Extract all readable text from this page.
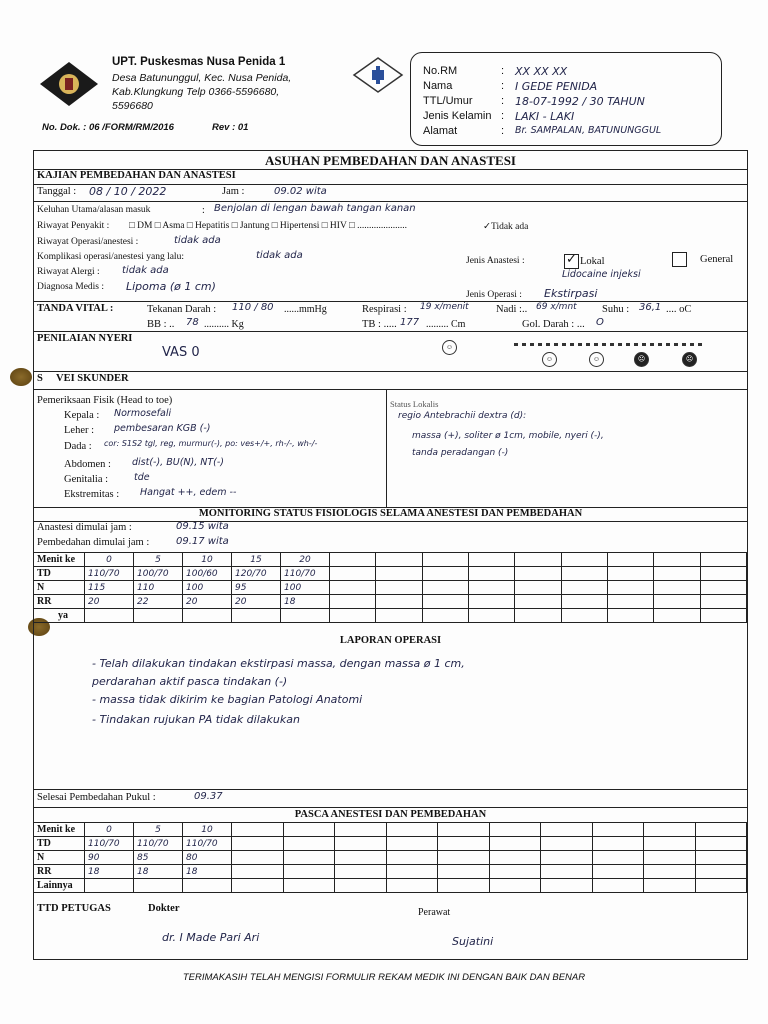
UPT. Puskesmas Nusa Penida 1
Desa Batununggul, Kec. Nusa Penida,
Kab.Klungkung Telp 0366-5596680,
5596680
No. Dok. : 06 /FORM/RM/2016	Rev : 01
No.RM	: XX XX XX
Nama	: I GEDE PENIDA
TTL/Umur	: 18-07-1992 / 30 TAHUN
Jenis Kelamin : LAKI - LAKI
Alamat	: Br. SAMPALAN, BATUNUNGGUL
ASUHAN PEMBEDAHAN DAN ANASTESI
KAJIAN PEMBEDAHAN DAN ANASTESI
Tanggal : 08 / 10 / 2022	Jam :	09.02 wita
Keluhan Utama/alasan masuk	: Benjolan di lengan bawah tangan kanan
Riwayat Penyakit : □ DM □ Asma □ Hepatitis □ Jantung □ Hipertensi □ HIV □ .....................	✓Tidak ada
Riwayat Operasi/anestesi :	tidak ada
Komplikasi operasi/anestesi yang lalu:	tidak ada	Jenis Anastesi :	✓ Lokal	General
Lidocaine injeksi
Riwayat Alergi : tidak ada
Diagnosa Medis : Lipoma (ø 1 cm)
Jenis Operasi : Ekstirpasi
TANDA VITAL :	Tekanan Darah : 110 / 80 ......mmHg	Respirasi : 19 x/menit	Nadi :.. 69 x/mnt Suhu : 36,1 .... oC
BB : .. 78 .......... Kg	TB : ..... 177 ......... Cm	Gol. Darah : ... O
PENILAIAN NYERI
VAS 0	☺
☺	☺	☹	☹
S VEI SKUNDER
Pemeriksaan Fisik (Head to toe)	Status Lokalis
Kepala : Normosefali
Leher : pembesaran KGB (-)
Dada : cor: S1S2 tgl, reg, murmur(-), po: ves+/+, rh-/-, wh-/-
Abdomen : dist(-), BU(N), NT(-)
Genitalia :	tde
Ekstremitas : Hangat ++, edem --
regio Antebrachii dextra (d):
massa (+), soliter ø 1cm, mobile, nyeri (-),
tanda peradangan (-)
MONITORING STATUS FISIOLOGIS SELAMA ANESTESI DAN PEMBEDAHAN
Anastesi dimulai jam :	09.15 wita
Pembedahan dimulai jam :	09.17 wita
Menit ke	0	5	10	15	20									
TD	110/70	100/70	100/60	120/70	110/70									
N	115	110	100	95	100									
RR	20	22	20	20	18									
ya														
LAPORAN OPERASI
- Telah dilakukan tindakan ekstirpasi massa, dengan massa ø 1 cm,
perdarahan aktif pasca tindakan (-)
- massa tidak dikirim ke bagian Patologi Anatomi
- Tindakan rujukan PA tidak dilakukan
Selesai Pembedahan Pukul :	09.37
PASCA ANESTESI DAN PEMBEDAHAN
Menit ke	0	5	10										
TD	110/70	110/70	110/70										
N	90	85	80										
RR	18	18	18										
Lainnya													
TTD PETUGAS	Dokter
dr. I Made Pari Ari
Perawat
Sujatini
TERIMAKASIH TELAH MENGISI FORMULIR REKAM MEDIK INI DENGAN BAIK DAN BENAR
